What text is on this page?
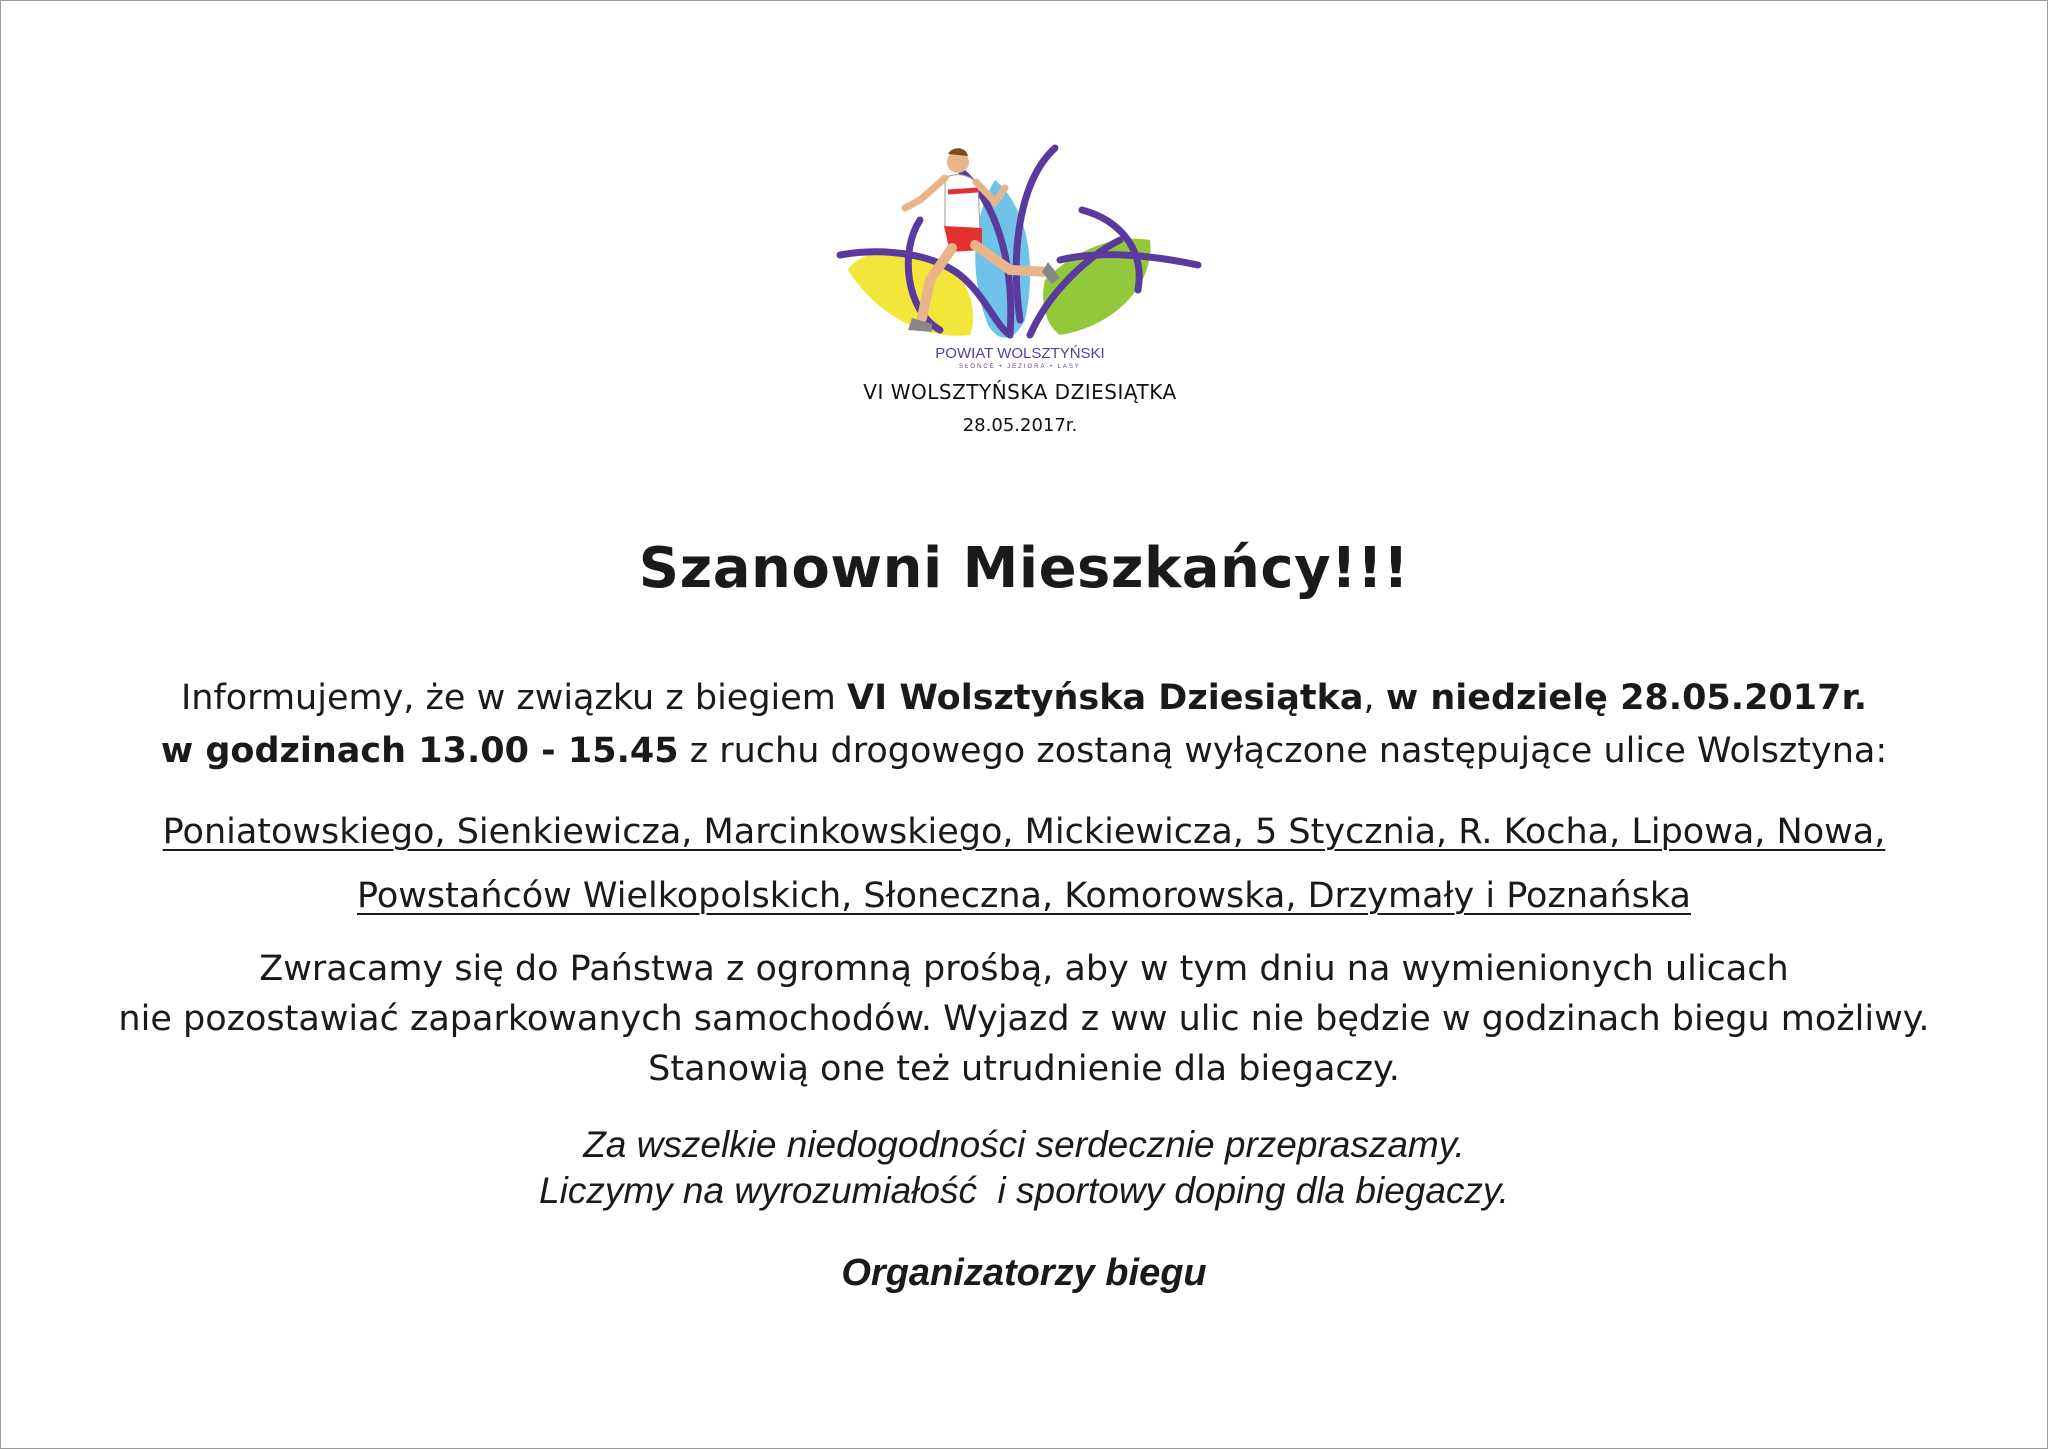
POWIAT WOLSZTYŃSKI
SŁOŃCE • JEZIORA • LASY
VI WOLSZTYŃSKA DZIESIĄTKA
28.05.2017r.
Szanowni Mieszkańcy!!!
Informujemy, że w związku z biegiem VI Wolsztyńska Dziesiątka, w niedzielę 28.05.2017r.
w godzinach 13.00 - 15.45 z ruchu drogowego zostaną wyłączone następujące ulice Wolsztyna:
Poniatowskiego, Sienkiewicza, Marcinkowskiego, Mickiewicza, 5 Stycznia, R. Kocha, Lipowa, Nowa,
Powstańców Wielkopolskich, Słoneczna, Komorowska, Drzymały i Poznańska
Zwracamy się do Państwa z ogromną prośbą, aby w tym dniu na wymienionych ulicach
nie pozostawiać zaparkowanych samochodów. Wyjazd z ww ulic nie będzie w godzinach biegu możliwy.
Stanowią one też utrudnienie dla biegaczy.
Za wszelkie niedogodności serdecznie przepraszamy.
Liczymy na wyrozumiałość  i sportowy doping dla biegaczy.
Organizatorzy biegu
